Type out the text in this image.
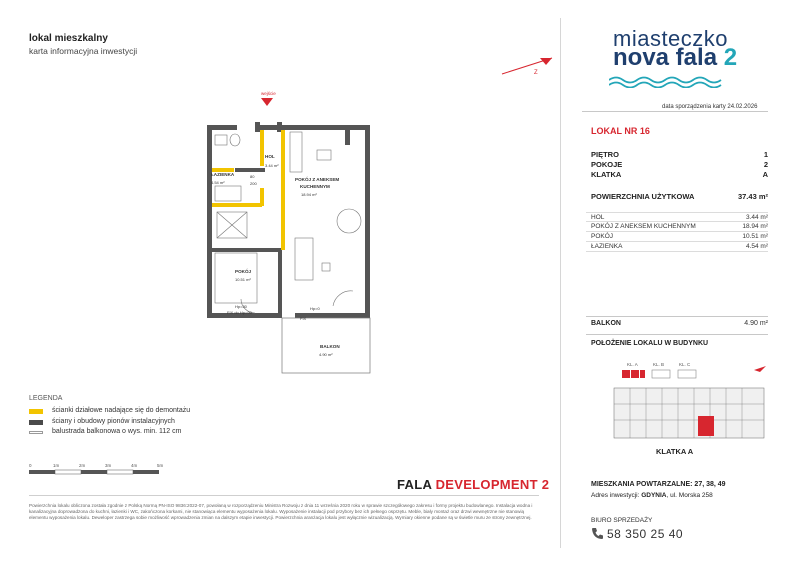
lokal mieszkalny
karta informacyjna inwestycji
Z
wejście
HOL
ŁAZIENKA
POKÓJ Z ANEKSEM
KUCHENNYM
POKÓJ
BALKON
3.44 m²
4.54 m²
18.94 m²
10.51 m²
4.90 m²
80
200
FIX
FIX do Hp=90
Hp=30	Hp=0
LEGENDA
ścianki działowe nadające się do demontażu
ściany i obudowy pionów instalacyjnych
balustrada balkonowa o wys. min. 112 cm
0	1m	2m	3m	4m	5m
FALA DEVELOPMENT 2
Powierzchnia lokalu obliczona została zgodnie z Polską Normą PN-ISO 9836:2022-07, powołaną w rozporządzeniu Ministra Rozwoju z dnia 11 września 2020 roku w sprawie szczegółowego zakresu i formy projektu budowlanego. Instalacja wodna i kanalizacyjna doprowadzona do kuchni, łazienki i WC, zakończona korkami, nie stanowiąca elementu wyposażenia lokalu. Wyposażenie instalacji pod przybory bez ich pełnego osprzętu. Meble, biały montaż oraz drzwi wewnętrzne nie stanowią elementu wyposażenia lokalu. Deweloper zastrzega sobie możliwość wprowadzenia zmian na dalszym etapie inwestycji. Powierzchnia aranżacja lokalu jest wyłącznie wizualizacją. Wymiary okienne podane są w świetle muru ze strony zewnętrznej.
miasteczko
nova fala 2
data sporządzenia karty 24.02.2026
LOKAL NR 16
PIĘTRO	1
POKOJE	2
KLATKA	A
POWIERZCHNIA UŻYTKOWA	37.43 m²
HOL	3.44 m²
POKÓJ Z ANEKSEM KUCHENNYM	18.94 m²
POKÓJ	10.51 m²
ŁAZIENKA	4.54 m²
BALKON	4.90 m²
POŁOŻENIE LOKALU W BUDYNKU
KL. A	KL. B	KL. C
KLATKA A
MIESZKANIA POWTARZALNE: 27, 38, 49
Adres inwestycji: GDYNIA, ul. Morska 258
BIURO SPRZEDAŻY
58 350 25 40
